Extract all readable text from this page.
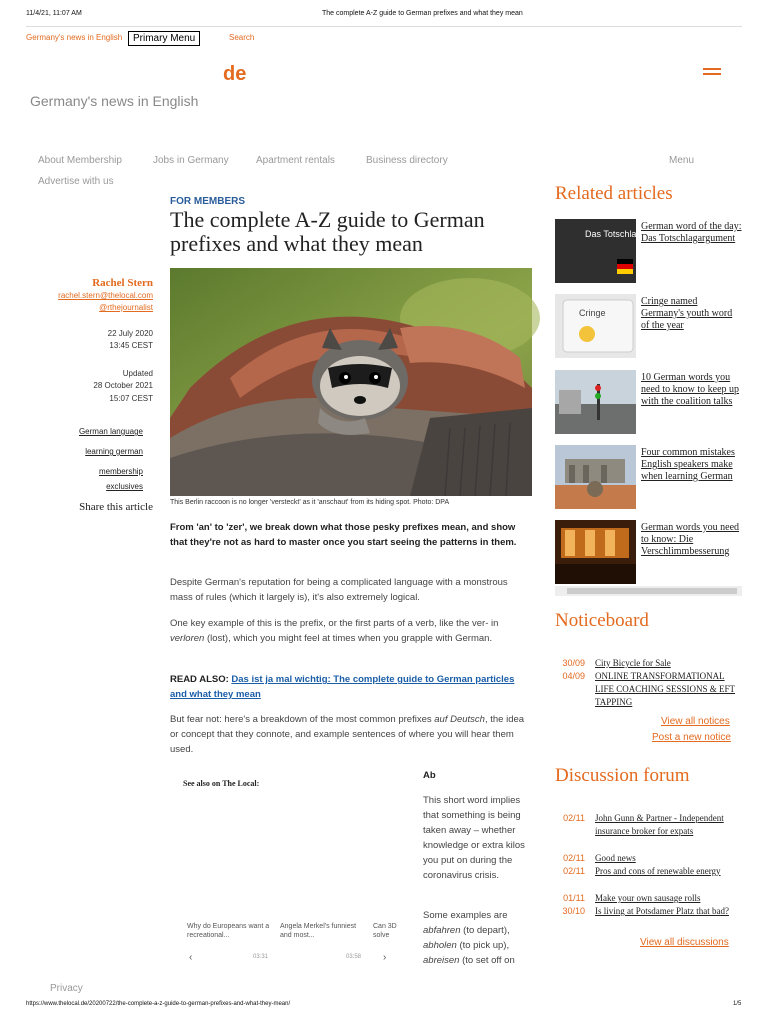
11/4/21, 11:07 AM	The complete A-Z guide to German prefixes and what they mean
Germany's news in English	Primary Menu	Search
de
Germany's news in English
About Membership	Jobs in Germany	Apartment rentals	Business directory	Menu
Advertise with us
FOR MEMBERS
The complete A-Z guide to German prefixes and what they mean
This Berlin raccoon is no longer 'versteckt' as it 'anschaut' from its hiding spot. Photo: DPA
Rachel Stern
rachel.stern@thelocal.com
@rthejournalist
22 July 2020
13:45 CEST
Updated
28 October 2021
15:07 CEST
German language
learning german
membership
exclusives
Share this article

From 'an' to 'zer', we break down what those pesky prefixes mean, and show that they're not as hard to master once you start seeing the patterns in them.

Despite German's reputation for being a complicated language with a monstrous mass of rules (which it largely is), it's also extremely logical.

One key example of this is the prefix, or the first parts of a verb, like the ver- in verloren (lost), which you might feel at times when you grapple with German.

READ ALSO: Das ist ja mal wichtig: The complete guide to German particles and what they mean

But fear not: here's a breakdown of the most common prefixes auf Deutsch, the idea or concept that they connote, and example sentences of where you will hear them used.

See also on The Local:
Why do Europeans want a recreational...
Angela Merkel's funniest and most...
Can 3D solve
‹	03:31	03:58 ›
Ab

This short word implies that something is being taken away – whether knowledge or extra kilos you put on during the coronavirus crisis.

Some examples are
abfahren (to depart),
abholen (to pick up),
abreisen (to set off on

Related articles
Das Totschlagargument
German word of the day: Das Totschlagargument
Cringe
Cringe named Germany's youth word of the year
10 German words you need to know to keep up with the coalition talks
Four common mistakes English speakers make when learning German
German words you need to know: Die Verschlimmbesserung
Noticeboard
30/09 City Bicycle for Sale
04/09 ONLINE TRANSFORMATIONAL LIFE COACHING SESSIONS & EFT TAPPING
View all notices
Post a new notice
Discussion forum
02/11 John Gunn & Partner - Independent insurance broker for expats
02/11 Good news
02/11 Pros and cons of renewable energy
01/11 Make your own sausage rolls
30/10 Is living at Potsdamer Platz that bad?
View all discussions
Privacy
https://www.thelocal.de/20200722/the-complete-a-z-guide-to-german-prefixes-and-what-they-mean/	1/5
